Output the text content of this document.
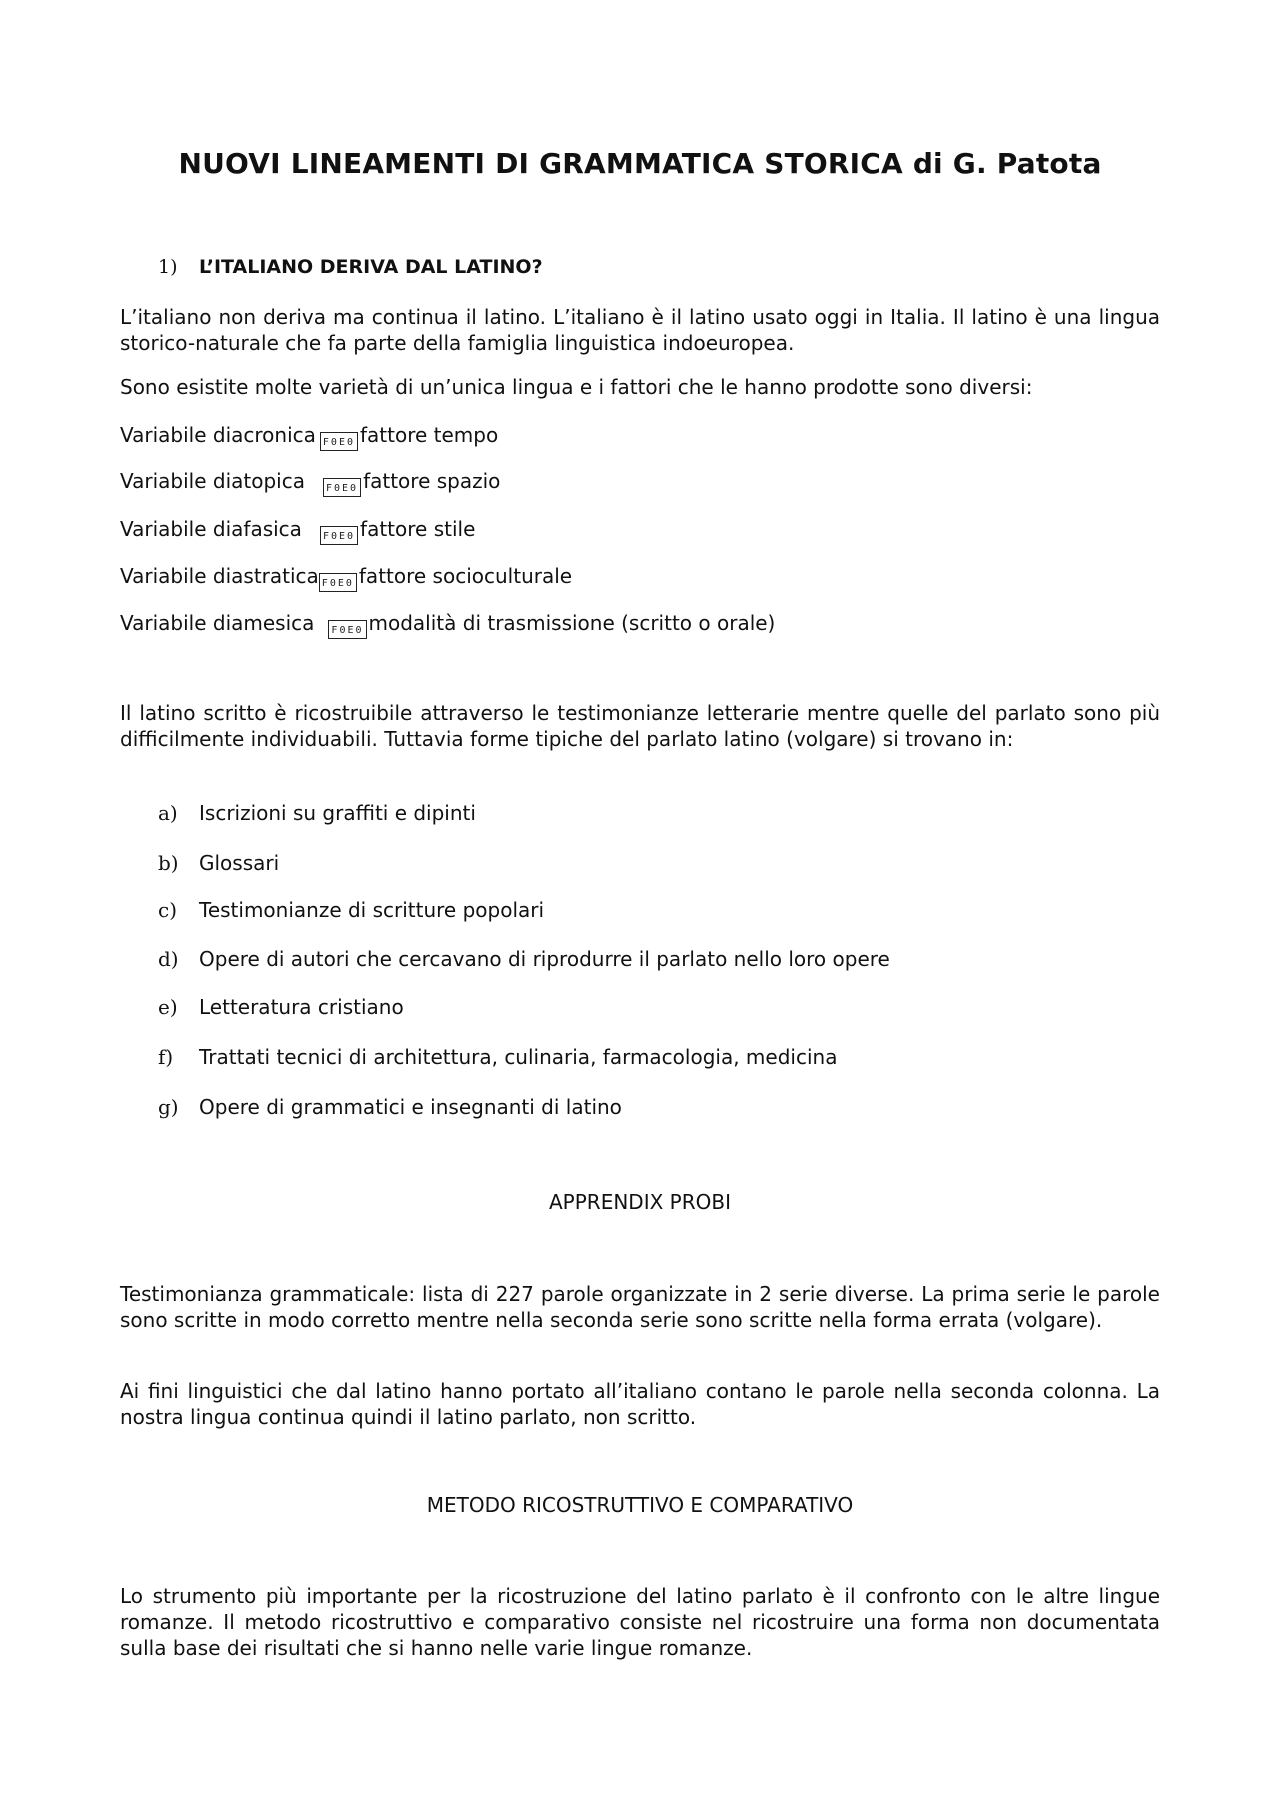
NUOVI LINEAMENTI DI GRAMMATICA STORICA di G. Patota
1) L’ITALIANO DERIVA DAL LATINO?

L’italiano non deriva ma continua il latino. L’italiano è il latino usato oggi in Italia. Il latino è una lingua storico-naturale che fa parte della famiglia linguistica indoeuropea.

Sono esistite molte varietà di un’unica lingua e i fattori che le hanno prodotte sono diversi:

Variabile diacronica F0E0 fattore tempo
Variabile diatopica F0E0 fattore spazio
Variabile diafasica F0E0 fattore stile
Variabile diastratica F0E0 fattore socioculturale
Variabile diamesica F0E0 modalità di trasmissione (scritto o orale)

Il latino scritto è ricostruibile attraverso le testimonianze letterarie mentre quelle del parlato sono più difficilmente individuabili. Tuttavia forme tipiche del parlato latino (volgare) si trovano in:

a) Iscrizioni su graffiti e dipinti
b) Glossari
c) Testimonianze di scritture popolari
d) Opere di autori che cercavano di riprodurre il parlato nello loro opere
e) Letteratura cristiano
f) Trattati tecnici di architettura, culinaria, farmacologia, medicina
g) Opere di grammatici e insegnanti di latino
APPRENDIX PROBI

Testimonianza grammaticale: lista di 227 parole organizzate in 2 serie diverse. La prima serie le parole sono scritte in modo corretto mentre nella seconda serie sono scritte nella forma errata (volgare).

Ai fini linguistici che dal latino hanno portato all’italiano contano le parole nella seconda colonna. La nostra lingua continua quindi il latino parlato, non scritto.

METODO RICOSTRUTTIVO E COMPARATIVO

Lo strumento più importante per la ricostruzione del latino parlato è il confronto con le altre lingue romanze. Il metodo ricostruttivo e comparativo consiste nel ricostruire una forma non documentata sulla base dei risultati che si hanno nelle varie lingue romanze.
